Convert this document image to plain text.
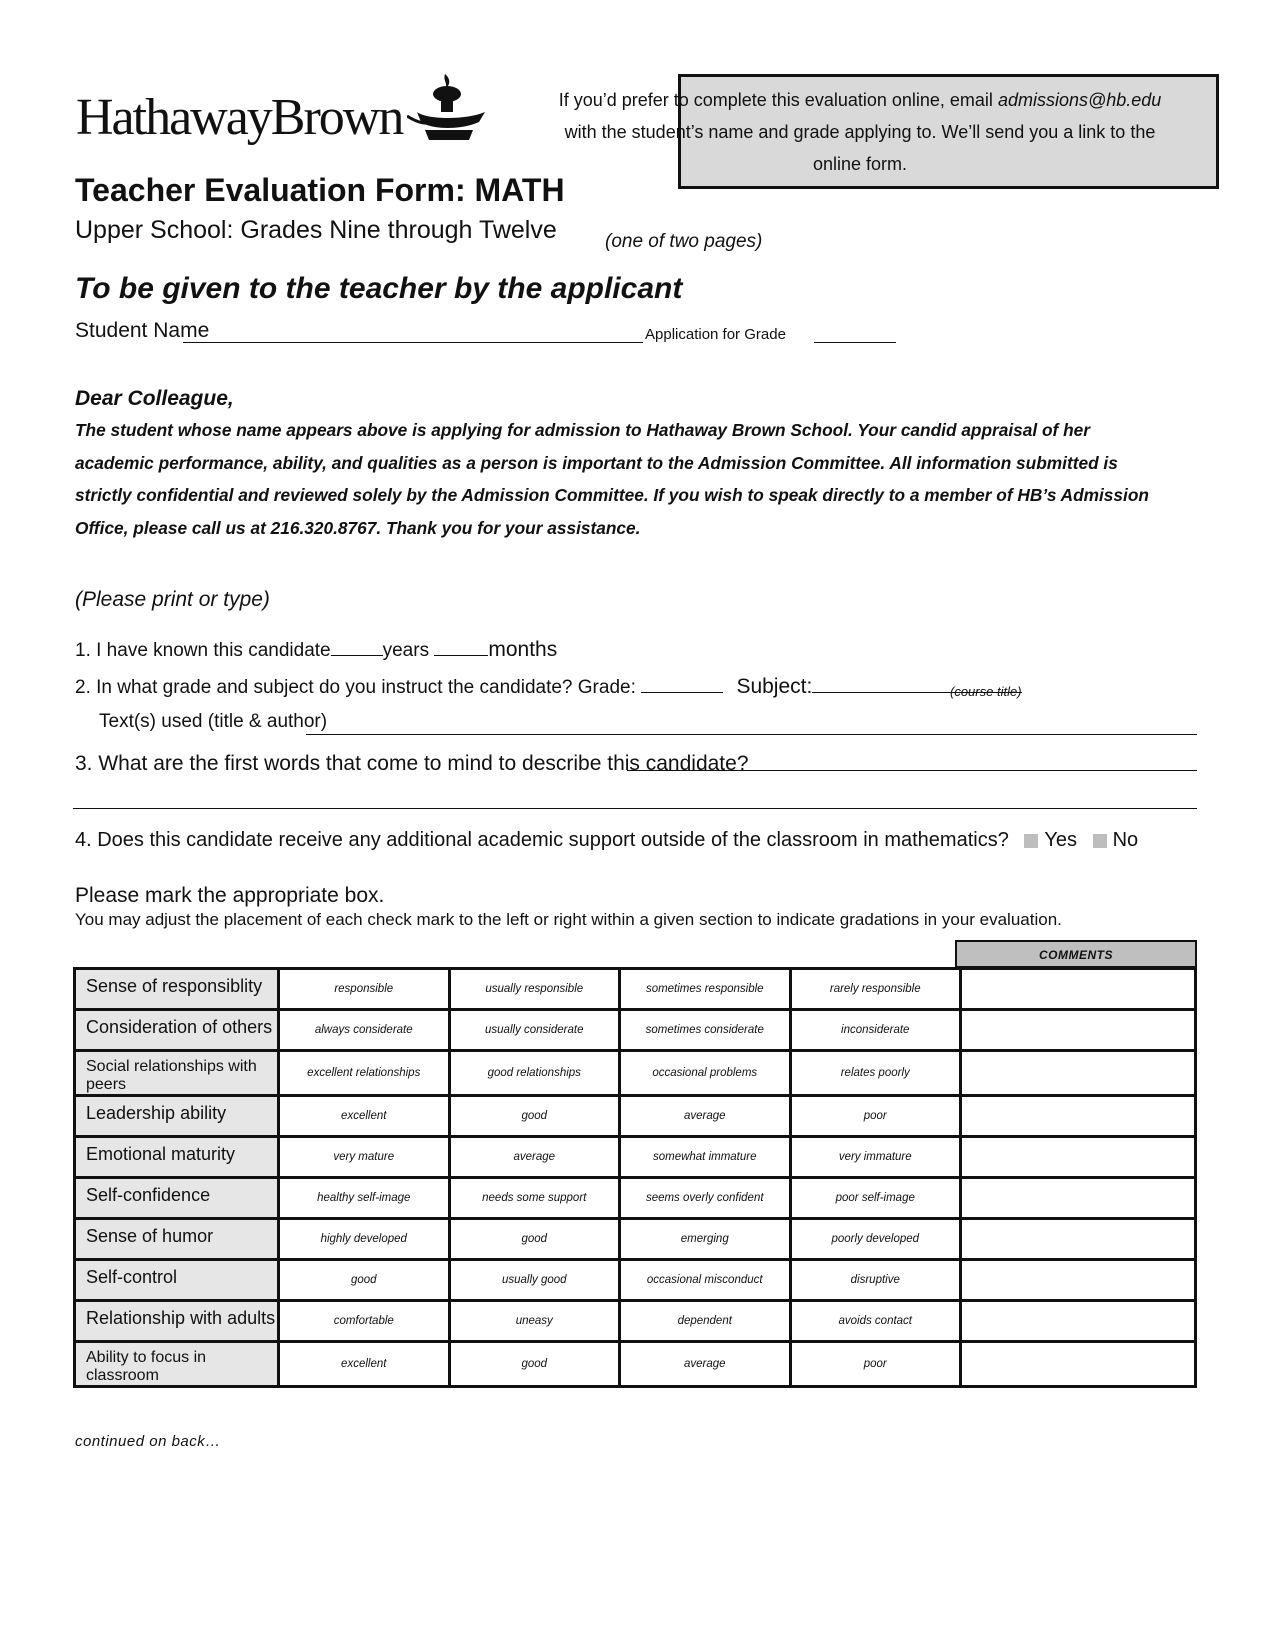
HathawayBrown	If you’d prefer to complete this evaluation online, email admissions@hb.edu
with the student’s name and grade applying to. We’ll send you a link to the
online form.
Teacher Evaluation Form: MATH
Upper School: Grades Nine through Twelve	(one of two pages)
To be given to the teacher by the applicant
Student Name	Application for Grade
Dear Colleague,
The student whose name appears above is applying for admission to Hathaway Brown School. Your candid appraisal of her academic performance, ability, and qualities as a person is important to the Admission Committee. All information submitted is strictly confidential and reviewed solely by the Admission Committee. If you wish to speak directly to a member of HB’s Admission Office, please call us at 216.320.8767. Thank you for your assistance.
(Please print or type)
1. I have known this candidate	years	months
2. In what grade and subject do you instruct the candidate? Grade:	Subject:	(course title)
Text(s) used (title & author)
3. What are the first words that come to mind to describe this candidate?
4. Does this candidate receive any additional academic support outside of the classroom in mathematics? Yes No
Please mark the appropriate box.
You may adjust the placement of each check mark to the left or right within a given section to indicate gradations in your evaluation.
COMMENTS
Sense of responsiblity	responsible	usually responsible	sometimes responsible	rarely responsible	
Consideration of others	always considerate	usually considerate	sometimes considerate	inconsiderate	
Social relationships with peers	excellent relationships	good relationships	occasional problems	relates poorly	
Leadership ability	excellent	good	average	poor	
Emotional maturity	very mature	average	somewhat immature	very immature	
Self-confidence	healthy self-image	needs some support	seems overly confident	poor self-image	
Sense of humor	highly developed	good	emerging	poorly developed	
Self-control	good	usually good	occasional misconduct	disruptive	
Relationship with adults	comfortable	uneasy	dependent	avoids contact	
Ability to focus in classroom	excellent	good	average	poor	
continued on back…
